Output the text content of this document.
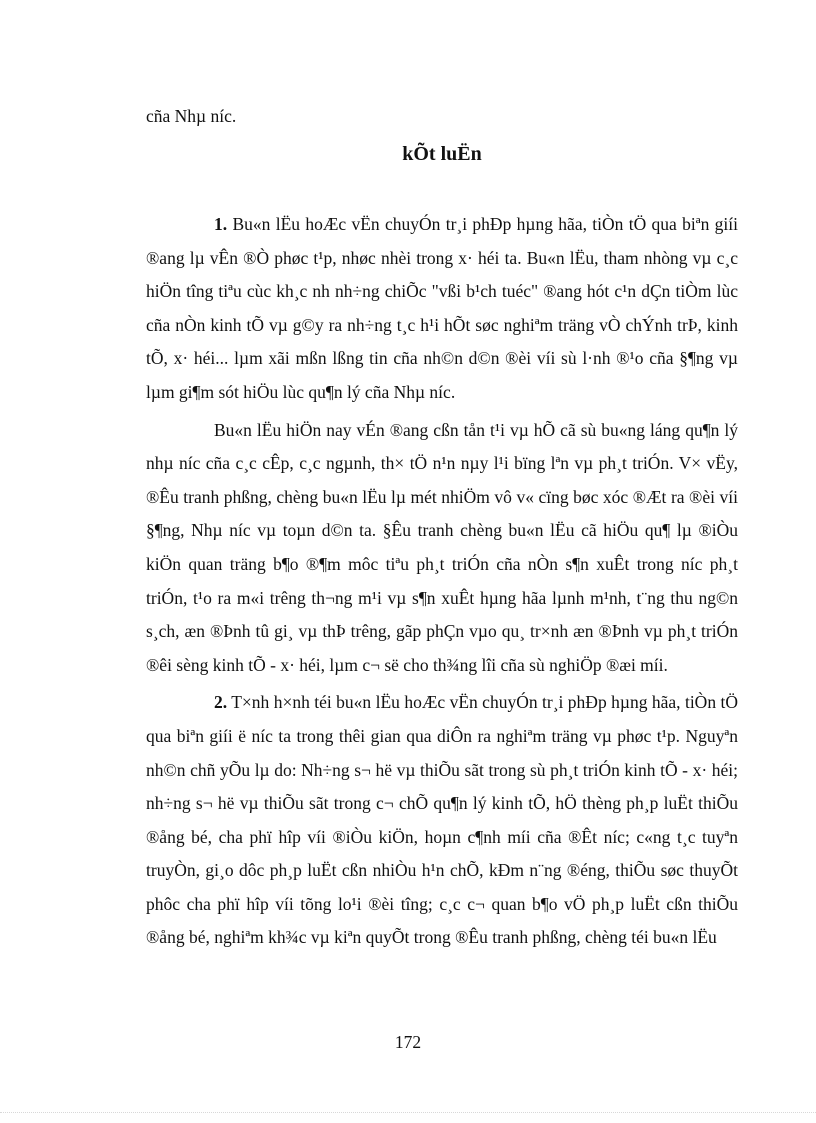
cña Nhµ níc.
kÕt luËn

1. Bu«n lËu hoÆc vËn chuyÓn tr¸i phÐp hµng hãa, tiÒn tÖ qua biªn giíi ®ang lµ vÊn ®Ò phøc t¹p, nhøc nhèi trong x· héi ta. Bu«n lËu, tham nhòng vµ c¸c hiÖn tîng tiªu cùc kh¸c nh nh÷ng chiÕc "vßi b¹ch tuéc" ®ang hót c¹n dÇn tiÒm lùc cña nÒn kinh tÕ vµ g©y ra nh÷ng t¸c h¹i hÕt søc nghiªm träng vÒ chÝnh trÞ, kinh tÕ, x· héi... lµm xãi mßn lßng tin cña nh©n d©n ®èi víi sù l·nh ®¹o cña §¶ng vµ lµm gi¶m sót hiÖu lùc qu¶n lý cña Nhµ níc.

Bu«n lËu hiÖn nay vÉn ®ang cßn tån t¹i vµ hÕ cã sù bu«ng láng qu¶n lý nhµ níc cña c¸c cÊp, c¸c ngµnh, th× tÖ n¹n nµy l¹i bïng lªn vµ ph¸t triÓn. V× vËy, ®Êu tranh phßng, chèng bu«n lËu lµ mét nhiÖm vô v« cïng bøc xóc ®Æt ra ®èi víi §¶ng, Nhµ níc vµ toµn d©n ta. §Êu tranh chèng bu«n lËu cã hiÖu qu¶ lµ ®iÒu kiÖn quan träng b¶o ®¶m môc tiªu ph¸t triÓn cña nÒn s¶n xuÊt trong níc ph¸t triÓn, t¹o ra m«i trêng th¬ng m¹i vµ s¶n xuÊt hµng hãa lµnh m¹nh, t¨ng thu ng©n s¸ch, æn ®Þnh tû gi¸ vµ thÞ trêng, gãp phÇn vµo qu¸ tr×nh æn ®Þnh vµ ph¸t triÓn ®êi sèng kinh tÕ - x· héi, lµm c¬ së cho th¾ng lîi cña sù nghiÖp ®æi míi.

2. T×nh h×nh téi bu«n lËu hoÆc vËn chuyÓn tr¸i phÐp hµng hãa, tiÒn tÖ qua biªn giíi ë níc ta trong thêi gian qua diÔn ra nghiªm träng vµ phøc t¹p. Nguyªn nh©n chñ yÕu lµ do: Nh÷ng s¬ hë vµ thiÕu sãt trong sù ph¸t triÓn kinh tÕ - x· héi; nh÷ng s¬ hë vµ thiÕu sãt trong c¬ chÕ qu¶n lý kinh tÕ, hÖ thèng ph¸p luËt thiÕu ®ång bé, cha phï hîp víi ®iÒu kiÖn, hoµn c¶nh míi cña ®Êt níc; c«ng t¸c tuyªn truyÒn, gi¸o dôc ph¸p luËt cßn nhiÒu h¹n chÕ, kÐm n¨ng ®éng, thiÕu søc thuyÕt phôc cha phï hîp víi tõng lo¹i ®èi tîng; c¸c c¬ quan b¶o vÖ ph¸p luËt cßn thiÕu ®ång bé, nghiªm kh¾c vµ kiªn quyÕt trong ®Êu tranh phßng, chèng téi bu«n lËu

172
